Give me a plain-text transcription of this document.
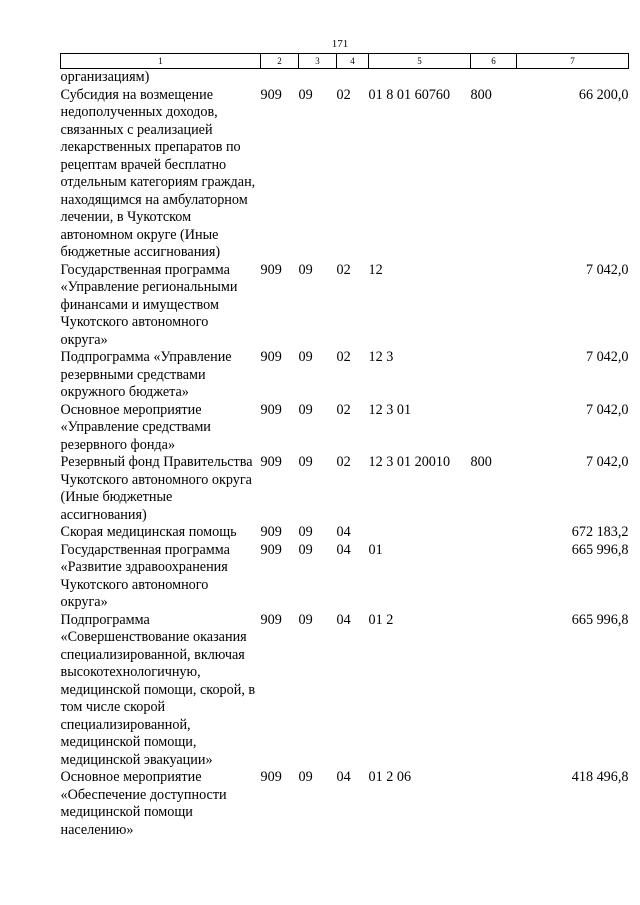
171
1	2	3	4	5	6	7
организациям)						
Субсидия на возмещение недополученных доходов, связанных с реализацией лекарственных препаратов по рецептам врачей бесплатно отдельным категориям граждан, находящимся на амбулаторном лечении, в Чукотском автономном округе (Иные бюджетные ассигнования)	909	09	02	01 8 01 60760	800	66 200,0
Государственная программа «Управление региональными финансами и имуществом Чукотского автономного округа»	909	09	02	12		7 042,0
Подпрограмма «Управление резервными средствами окружного бюджета»	909	09	02	12 3		7 042,0
Основное мероприятие «Управление средствами резервного фонда»	909	09	02	12 3 01		7 042,0
Резервный фонд Правительства Чукотского автономного округа (Иные бюджетные ассигнования)	909	09	02	12 3 01 20010	800	7 042,0
Скорая медицинская помощь	909	09	04			672 183,2
Государственная программа «Развитие здравоохранения Чукотского автономного округа»	909	09	04	01		665 996,8
Подпрограмма «Совершенствование оказания специализированной, включая высокотехнологичную, медицинской помощи, скорой, в том числе скорой специализированной, медицинской помощи, медицинской эвакуации»	909	09	04	01 2		665 996,8
Основное мероприятие «Обеспечение доступности медицинской помощи населению»	909	09	04	01 2 06		418 496,8
